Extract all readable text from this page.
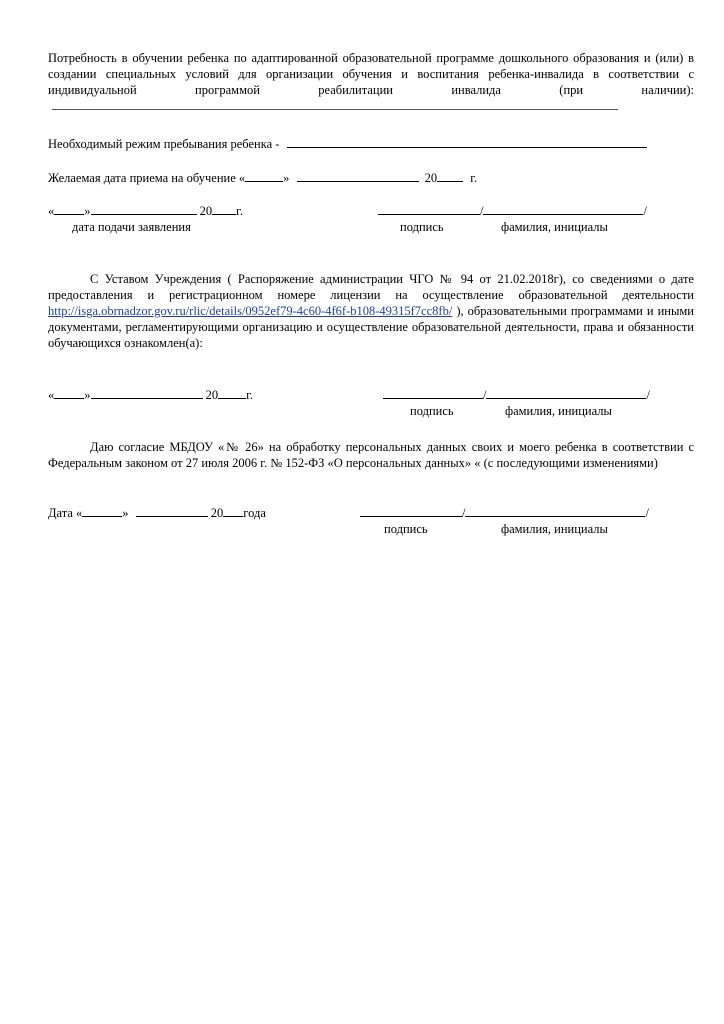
Потребность в обучении ребенка по адаптированной образовательной программе дошкольного образования и (или) в создании специальных условий для организации обучения и воспитания ребенка-инвалида в соответствии с индивидуальной программой реабилитации инвалида (при наличии):
Необходимый режим пребывания ребенка -
Желаемая дата приема на обучение «	»	20	г.
« »	20 г.	/	/
дата подачи заявления	подпись	фамилия, инициалы
С Уставом Учреждения ( Распоряжение администрации ЧГО № 94 от 21.02.2018г), со сведениями о дате предоставления и регистрационном номере лицензии на осуществление образовательной деятельности http://isga.obrnadzor.gov.ru/rlic/details/0952ef79-4c60-4f6f-b108-49315f7cc8fb/ ), образовательными программами и иными документами, регламентирующими организацию и осуществление образовательной деятельности, права и обязанности обучающихся ознакомлен(а):
« »	20 г.	/	/
подпись	фамилия, инициалы
Даю согласие МБДОУ «№ 26» на обработку персональных данных своих и моего ребенка в соответствии с Федеральным законом от 27 июля 2006 г. № 152-ФЗ «О персональных данных» « (с последующими изменениями)
Дата «	»	20 года	/	/
подпись	фамилия, инициалы
